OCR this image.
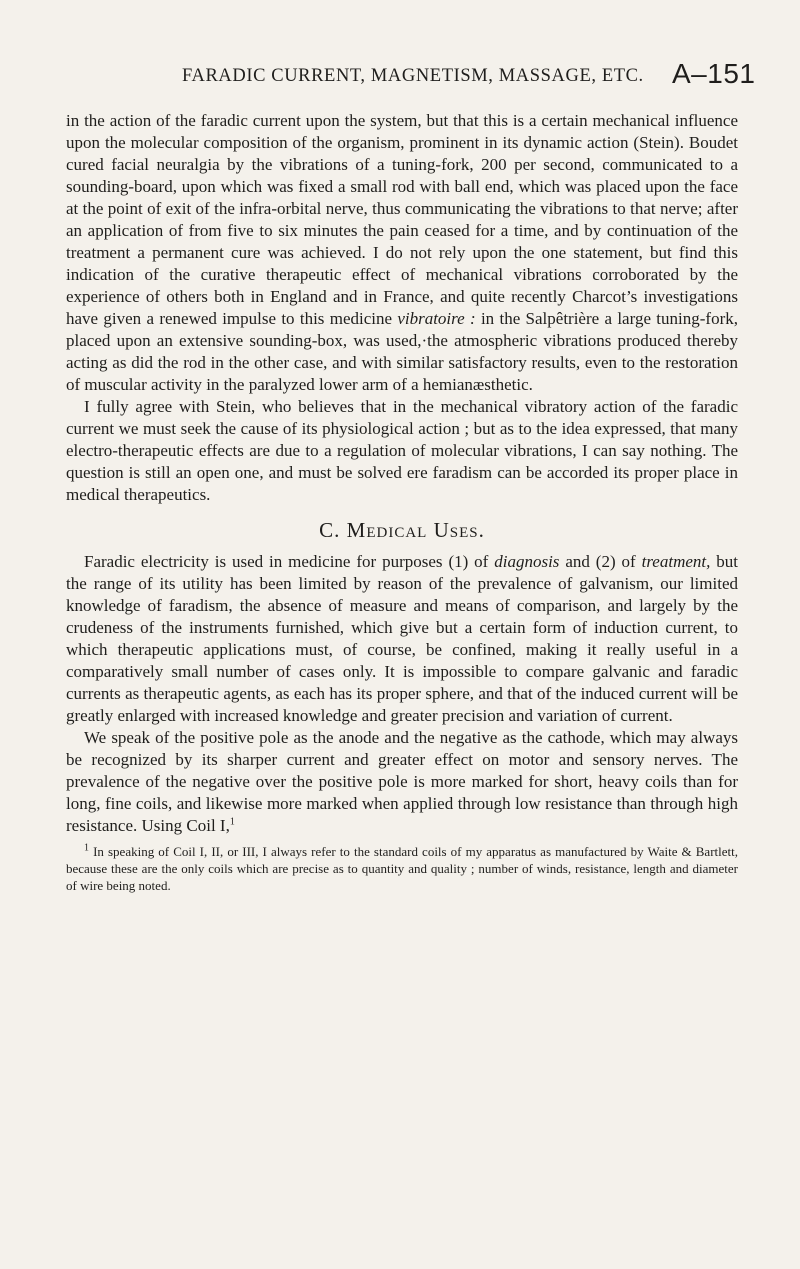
FARADIC CURRENT, MAGNETISM, MASSAGE, ETC. A–151

in the action of the faradic current upon the system, but that this is a certain mechanical influence upon the molecular composition of the organism, prominent in its dynamic action (Stein). Boudet cured facial neuralgia by the vibrations of a tuning-fork, 200 per second, communicated to a sounding-board, upon which was fixed a small rod with ball end, which was placed upon the face at the point of exit of the infra-orbital nerve, thus communicating the vibrations to that nerve; after an application of from five to six minutes the pain ceased for a time, and by continuation of the treatment a permanent cure was achieved. I do not rely upon the one statement, but find this indication of the curative therapeutic effect of mechanical vibrations corroborated by the experience of others both in England and in France, and quite recently Charcot’s investigations have given a renewed impulse to this medicine vibratoire : in the Salpêtrière a large tuning-fork, placed upon an extensive sounding-box, was used,·the atmospheric vibrations produced thereby acting as did the rod in the other case, and with similar satisfactory results, even to the restoration of muscular activity in the paralyzed lower arm of a hemianæsthetic.

I fully agree with Stein, who believes that in the mechanical vibratory action of the faradic current we must seek the cause of its physiological action ; but as to the idea expressed, that many electro-therapeutic effects are due to a regulation of molecular vibrations, I can say nothing. The question is still an open one, and must be solved ere faradism can be accorded its proper place in medical therapeutics.

C. Medical Uses.

Faradic electricity is used in medicine for purposes (1) of diagnosis and (2) of treatment, but the range of its utility has been limited by reason of the prevalence of galvanism, our limited knowledge of faradism, the absence of measure and means of comparison, and largely by the crudeness of the instruments furnished, which give but a certain form of induction current, to which therapeutic applications must, of course, be confined, making it really useful in a comparatively small number of cases only. It is impossible to compare galvanic and faradic currents as therapeutic agents, as each has its proper sphere, and that of the induced current will be greatly enlarged with increased knowledge and greater precision and variation of current.

We speak of the positive pole as the anode and the negative as the cathode, which may always be recognized by its sharper current and greater effect on motor and sensory nerves. The prevalence of the negative over the positive pole is more marked for short, heavy coils than for long, fine coils, and likewise more marked when applied through low resistance than through high resistance. Using Coil I,$^1$

$^1$ In speaking of Coil I, II, or III, I always refer to the standard coils of my apparatus as manufactured by Waite & Bartlett, because these are the only coils which are precise as to quantity and quality ; number of winds, resistance, length and diameter of wire being noted.
